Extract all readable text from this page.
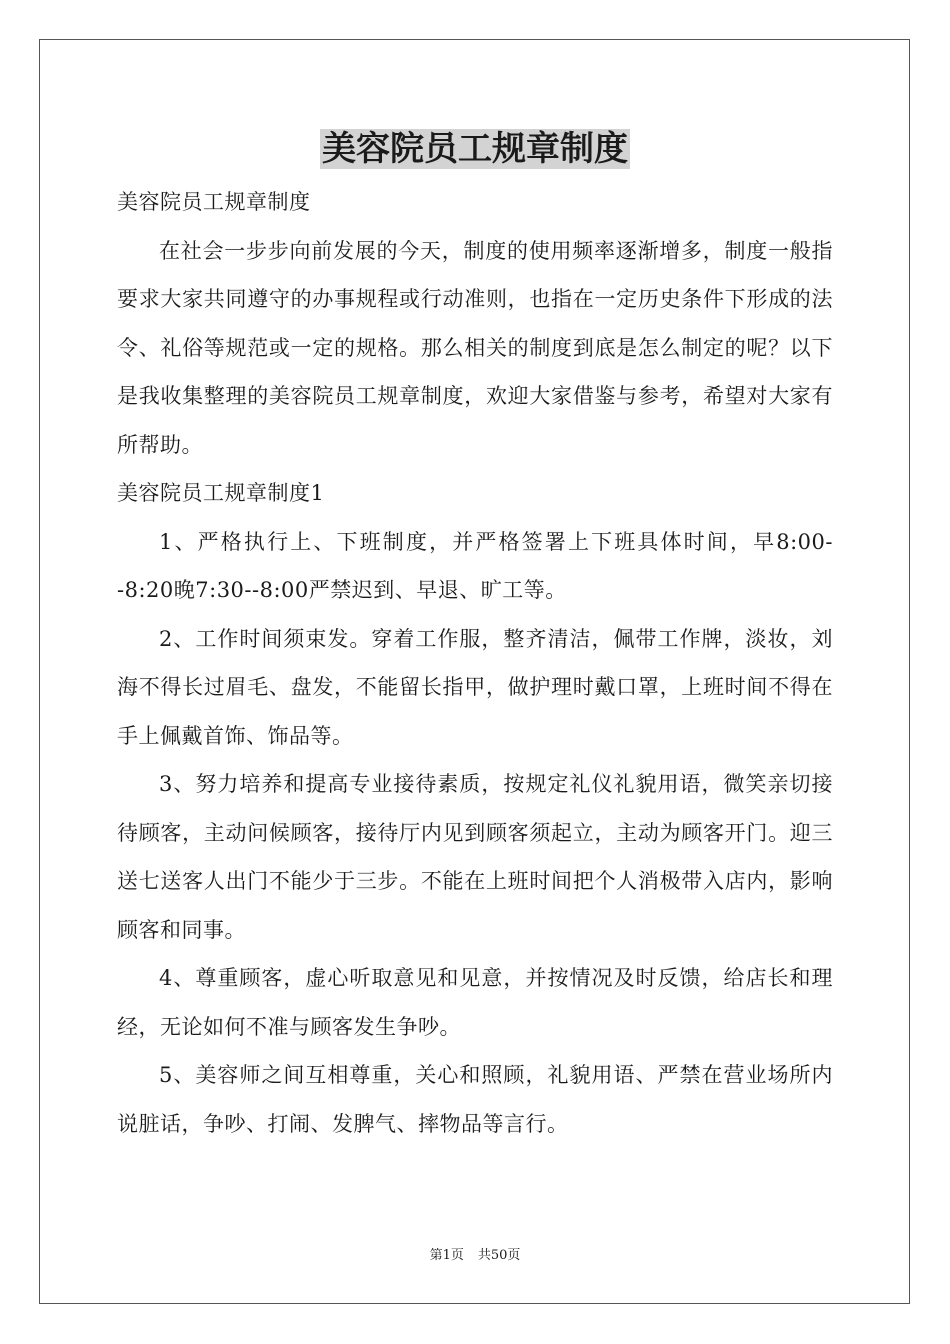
美容院员工规章制度

美容院员工规章制度

在社会一步步向前发展的今天，制度的使用频率逐渐增多，制度一般指要求大家共同遵守的办事规程或行动准则，也指在一定历史条件下形成的法令、礼俗等规范或一定的规格。那么相关的制度到底是怎么制定的呢？以下是我收集整理的美容院员工规章制度，欢迎大家借鉴与参考，希望对大家有所帮助。

美容院员工规章制度1

1、严格执行上、下班制度，并严格签署上下班具体时间，早8:00--8:20晚7:30--8:00严禁迟到、早退、旷工等。

2、工作时间须束发。穿着工作服，整齐清洁，佩带工作牌，淡妆，刘海不得长过眉毛、盘发，不能留长指甲，做护理时戴口罩，上班时间不得在手上佩戴首饰、饰品等。

3、努力培养和提高专业接待素质，按规定礼仪礼貌用语，微笑亲切接待顾客，主动问候顾客，接待厅内见到顾客须起立，主动为顾客开门。迎三送七送客人出门不能少于三步。不能在上班时间把个人消极带入店内，影响顾客和同事。

4、尊重顾客，虚心听取意见和见意，并按情况及时反馈，给店长和理经，无论如何不准与顾客发生争吵。

5、美容师之间互相尊重，关心和照顾，礼貌用语、严禁在营业场所内说脏话，争吵、打闹、发脾气、摔物品等言行。

第1页 共50页
